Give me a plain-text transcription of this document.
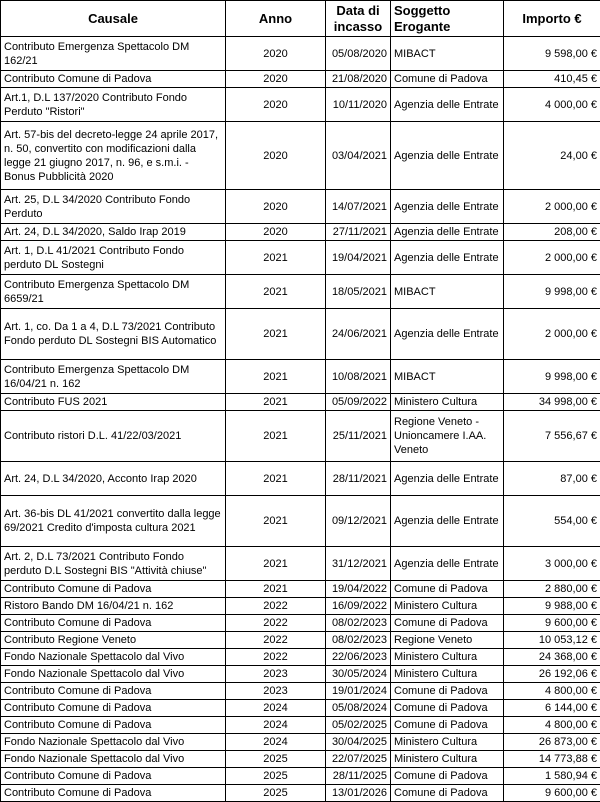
Causale	Anno	Data di incasso	Soggetto Erogante	Importo €
Contributo Emergenza Spettacolo DM 162/21	2020	05/08/2020	MIBACT	9 598,00 €
Contributo Comune di Padova	2020	21/08/2020	Comune di Padova	410,45 €
Art.1, D.L 137/2020 Contributo Fondo Perduto "Ristori"	2020	10/11/2020	Agenzia delle Entrate	4 000,00 €
Art. 57-bis del decreto-legge 24 aprile 2017, n. 50, convertito con modificazioni dalla legge 21 giugno 2017, n. 96, e s.m.i. - Bonus Pubblicità 2020	2020	03/04/2021	Agenzia delle Entrate	24,00 €
Art. 25, D.L 34/2020 Contributo Fondo Perduto	2020	14/07/2021	Agenzia delle Entrate	2 000,00 €
Art. 24, D.L 34/2020, Saldo Irap 2019	2020	27/11/2021	Agenzia delle Entrate	208,00 €
Art. 1, D.L 41/2021 Contributo Fondo perduto DL Sostegni	2021	19/04/2021	Agenzia delle Entrate	2 000,00 €
Contributo Emergenza Spettacolo DM 6659/21	2021	18/05/2021	MIBACT	9 998,00 €
Art. 1, co. Da 1 a 4, D.L 73/2021 Contributo Fondo perduto DL Sostegni BIS Automatico	2021	24/06/2021	Agenzia delle Entrate	2 000,00 €
Contributo Emergenza Spettacolo DM 16/04/21 n. 162	2021	10/08/2021	MIBACT	9 998,00 €
Contributo FUS 2021	2021	05/09/2022	Ministero Cultura	34 998,00 €
Contributo ristori D.L. 41/22/03/2021	2021	25/11/2021	Regione Veneto - Unioncamere I.AA. Veneto	7 556,67 €
Art. 24, D.L 34/2020, Acconto Irap 2020	2021	28/11/2021	Agenzia delle Entrate	87,00 €
Art. 36-bis DL 41/2021 convertito dalla legge 69/2021 Credito d'imposta cultura 2021	2021	09/12/2021	Agenzia delle Entrate	554,00 €
Art. 2, D.L 73/2021 Contributo Fondo perduto D.L Sostegni BIS "Attività chiuse"	2021	31/12/2021	Agenzia delle Entrate	3 000,00 €
Contributo Comune di Padova	2021	19/04/2022	Comune di Padova	2 880,00 €
Ristoro Bando DM 16/04/21 n. 162	2022	16/09/2022	Ministero Cultura	9 988,00 €
Contributo Comune di Padova	2022	08/02/2023	Comune di Padova	9 600,00 €
Contributo Regione Veneto	2022	08/02/2023	Regione Veneto	10 053,12 €
Fondo Nazionale Spettacolo dal Vivo	2022	22/06/2023	Ministero Cultura	24 368,00 €
Fondo Nazionale Spettacolo dal Vivo	2023	30/05/2024	Ministero Cultura	26 192,06 €
Contributo Comune di Padova	2023	19/01/2024	Comune di Padova	4 800,00 €
Contributo Comune di Padova	2024	05/08/2024	Comune di Padova	6 144,00 €
Contributo Comune di Padova	2024	05/02/2025	Comune di Padova	4 800,00 €
Fondo Nazionale Spettacolo dal Vivo	2024	30/04/2025	Ministero Cultura	26 873,00 €
Fondo Nazionale Spettacolo dal Vivo	2025	22/07/2025	Ministero Cultura	14 773,88 €
Contributo Comune di Padova	2025	28/11/2025	Comune di Padova	1 580,94 €
Contributo Comune di Padova	2025	13/01/2026	Comune di Padova	9 600,00 €
